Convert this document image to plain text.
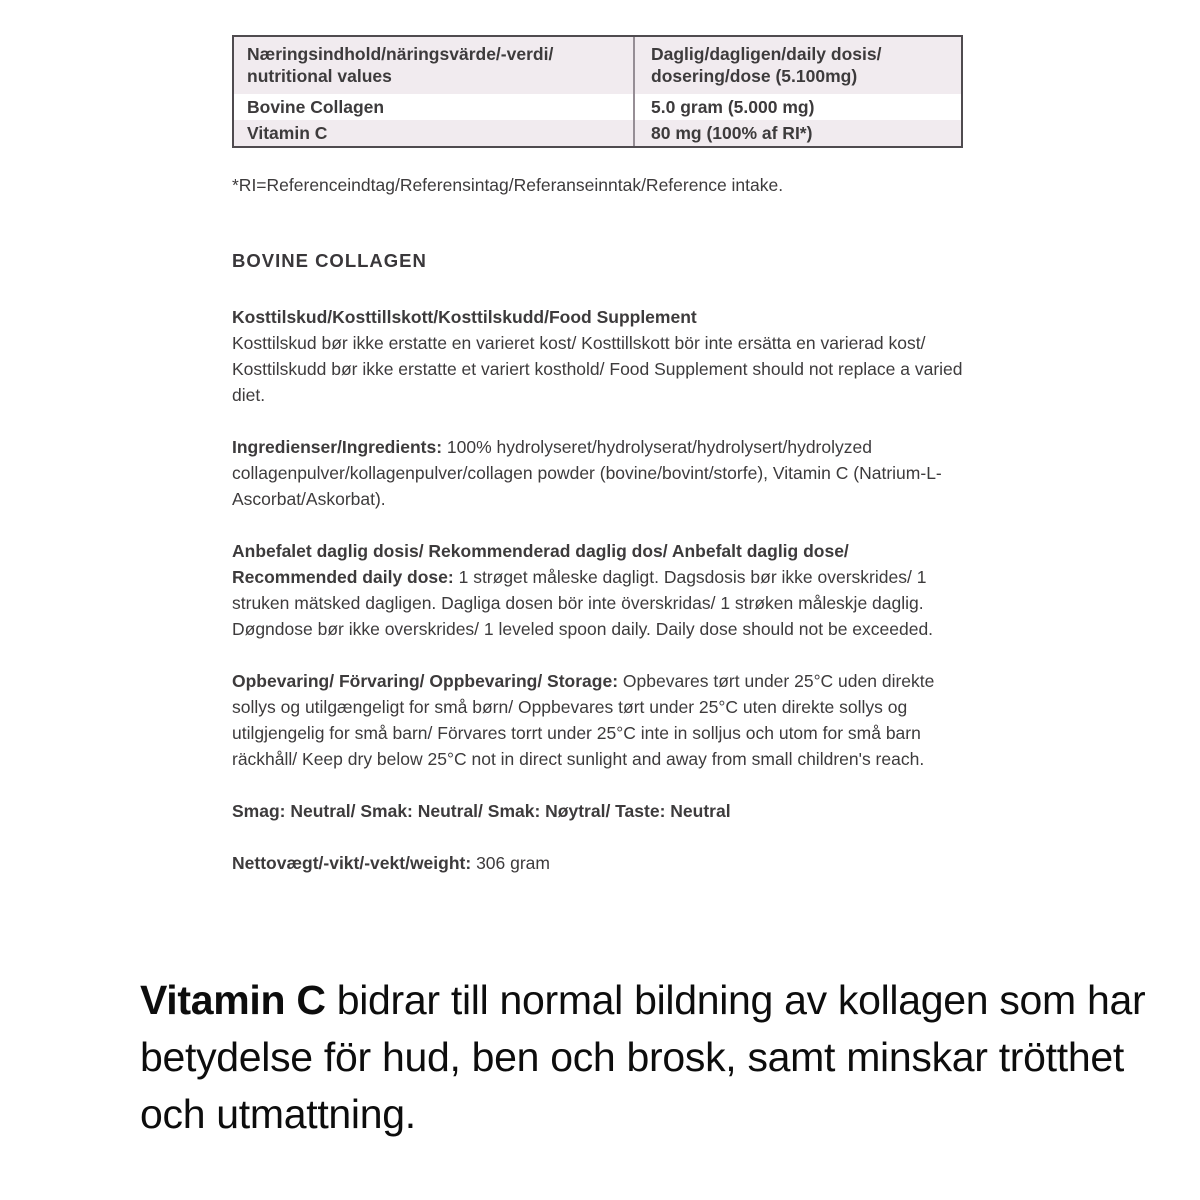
Næringsindhold/näringsvärde/-verdi/
nutritional values
Daglig/dagligen/daily dosis/
dosering/dose (5.100mg)
Bovine Collagen	5.0 gram (5.000 mg)
Vitamin C	80 mg (100% af RI*)
*RI=Referenceindtag/Referensintag/Referanseinntak/Reference intake.
BOVINE COLLAGEN
Kosttilskud/Kosttillskott/Kosttilskudd/Food Supplement
Kosttilskud bør ikke erstatte en varieret kost/ Kosttillskott bör inte ersätta en varierad kost/ Kosttilskudd bør ikke erstatte et variert kosthold/ Food Supplement should not replace a varied diet.
Ingredienser/Ingredients: 100% hydrolyseret/hydrolyserat/hydrolysert/hydrolyzed collagenpulver/kollagenpulver/collagen powder (bovine/bovint/storfe), Vitamin C (Natrium-L-Ascorbat/Askorbat).
Anbefalet daglig dosis/ Rekommenderad daglig dos/ Anbefalt daglig dose/ Recommended daily dose: 1 strøget måleske dagligt. Dagsdosis bør ikke overskrides/ 1 struken mätsked dagligen. Dagliga dosen bör inte överskridas/ 1 strøken måleskje daglig. Døgndose bør ikke overskrides/ 1 leveled spoon daily. Daily dose should not be exceeded.
Opbevaring/ Förvaring/ Oppbevaring/ Storage: Opbevares tørt under 25°C uden direkte sollys og utilgængeligt for små børn/ Oppbevares tørt under 25°C uten direkte sollys og utilgjengelig for små barn/ Förvares torrt under 25°C inte in solljus och utom for små barn räckhåll/ Keep dry below 25°C not in direct sunlight and away from small children's reach.
Smag: Neutral/ Smak: Neutral/ Smak: Nøytral/ Taste: Neutral
Nettovægt/-vikt/-vekt/weight: 306 gram
Vitamin C bidrar till normal bildning av kollagen som har betydelse för hud, ben och brosk, samt minskar trötthet och utmattning.
